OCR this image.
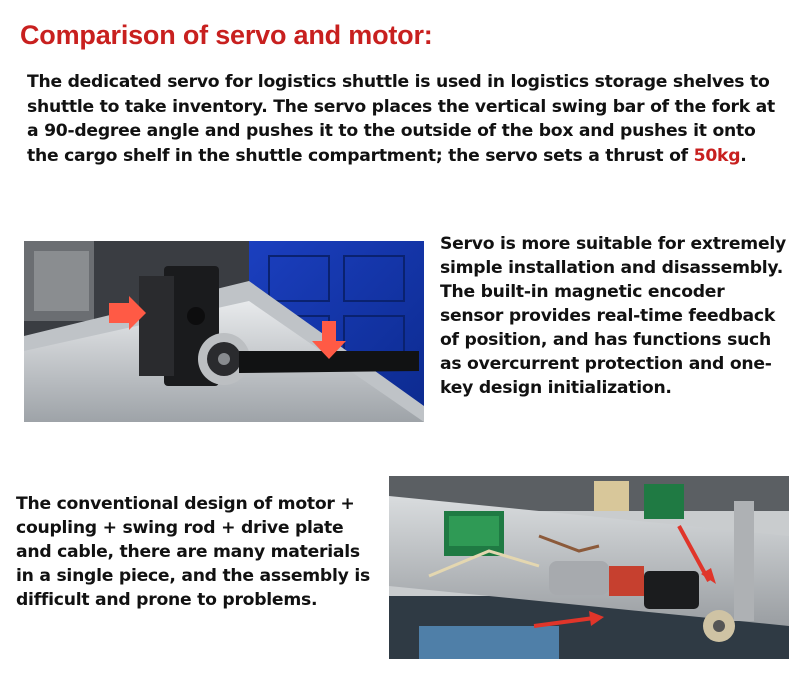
Comparison of servo and motor:

The dedicated servo for logistics shuttle is used in logistics storage shelves to shuttle to take inventory. The servo places the vertical swing bar of the fork at a 90-degree angle and pushes it to the outside of the box and pushes it onto the cargo shelf in the shuttle compartment; the servo sets a thrust of 50kg.

Servo is more suitable for extremely simple installation and disassembly. The built-in magnetic encoder sensor provides real-time feedback of position, and has functions such as overcurrent protection and one-key design initialization.

The conventional design of motor + coupling + swing rod + drive plate and cable, there are many materials in a single piece, and the assembly is difficult and prone to problems.
